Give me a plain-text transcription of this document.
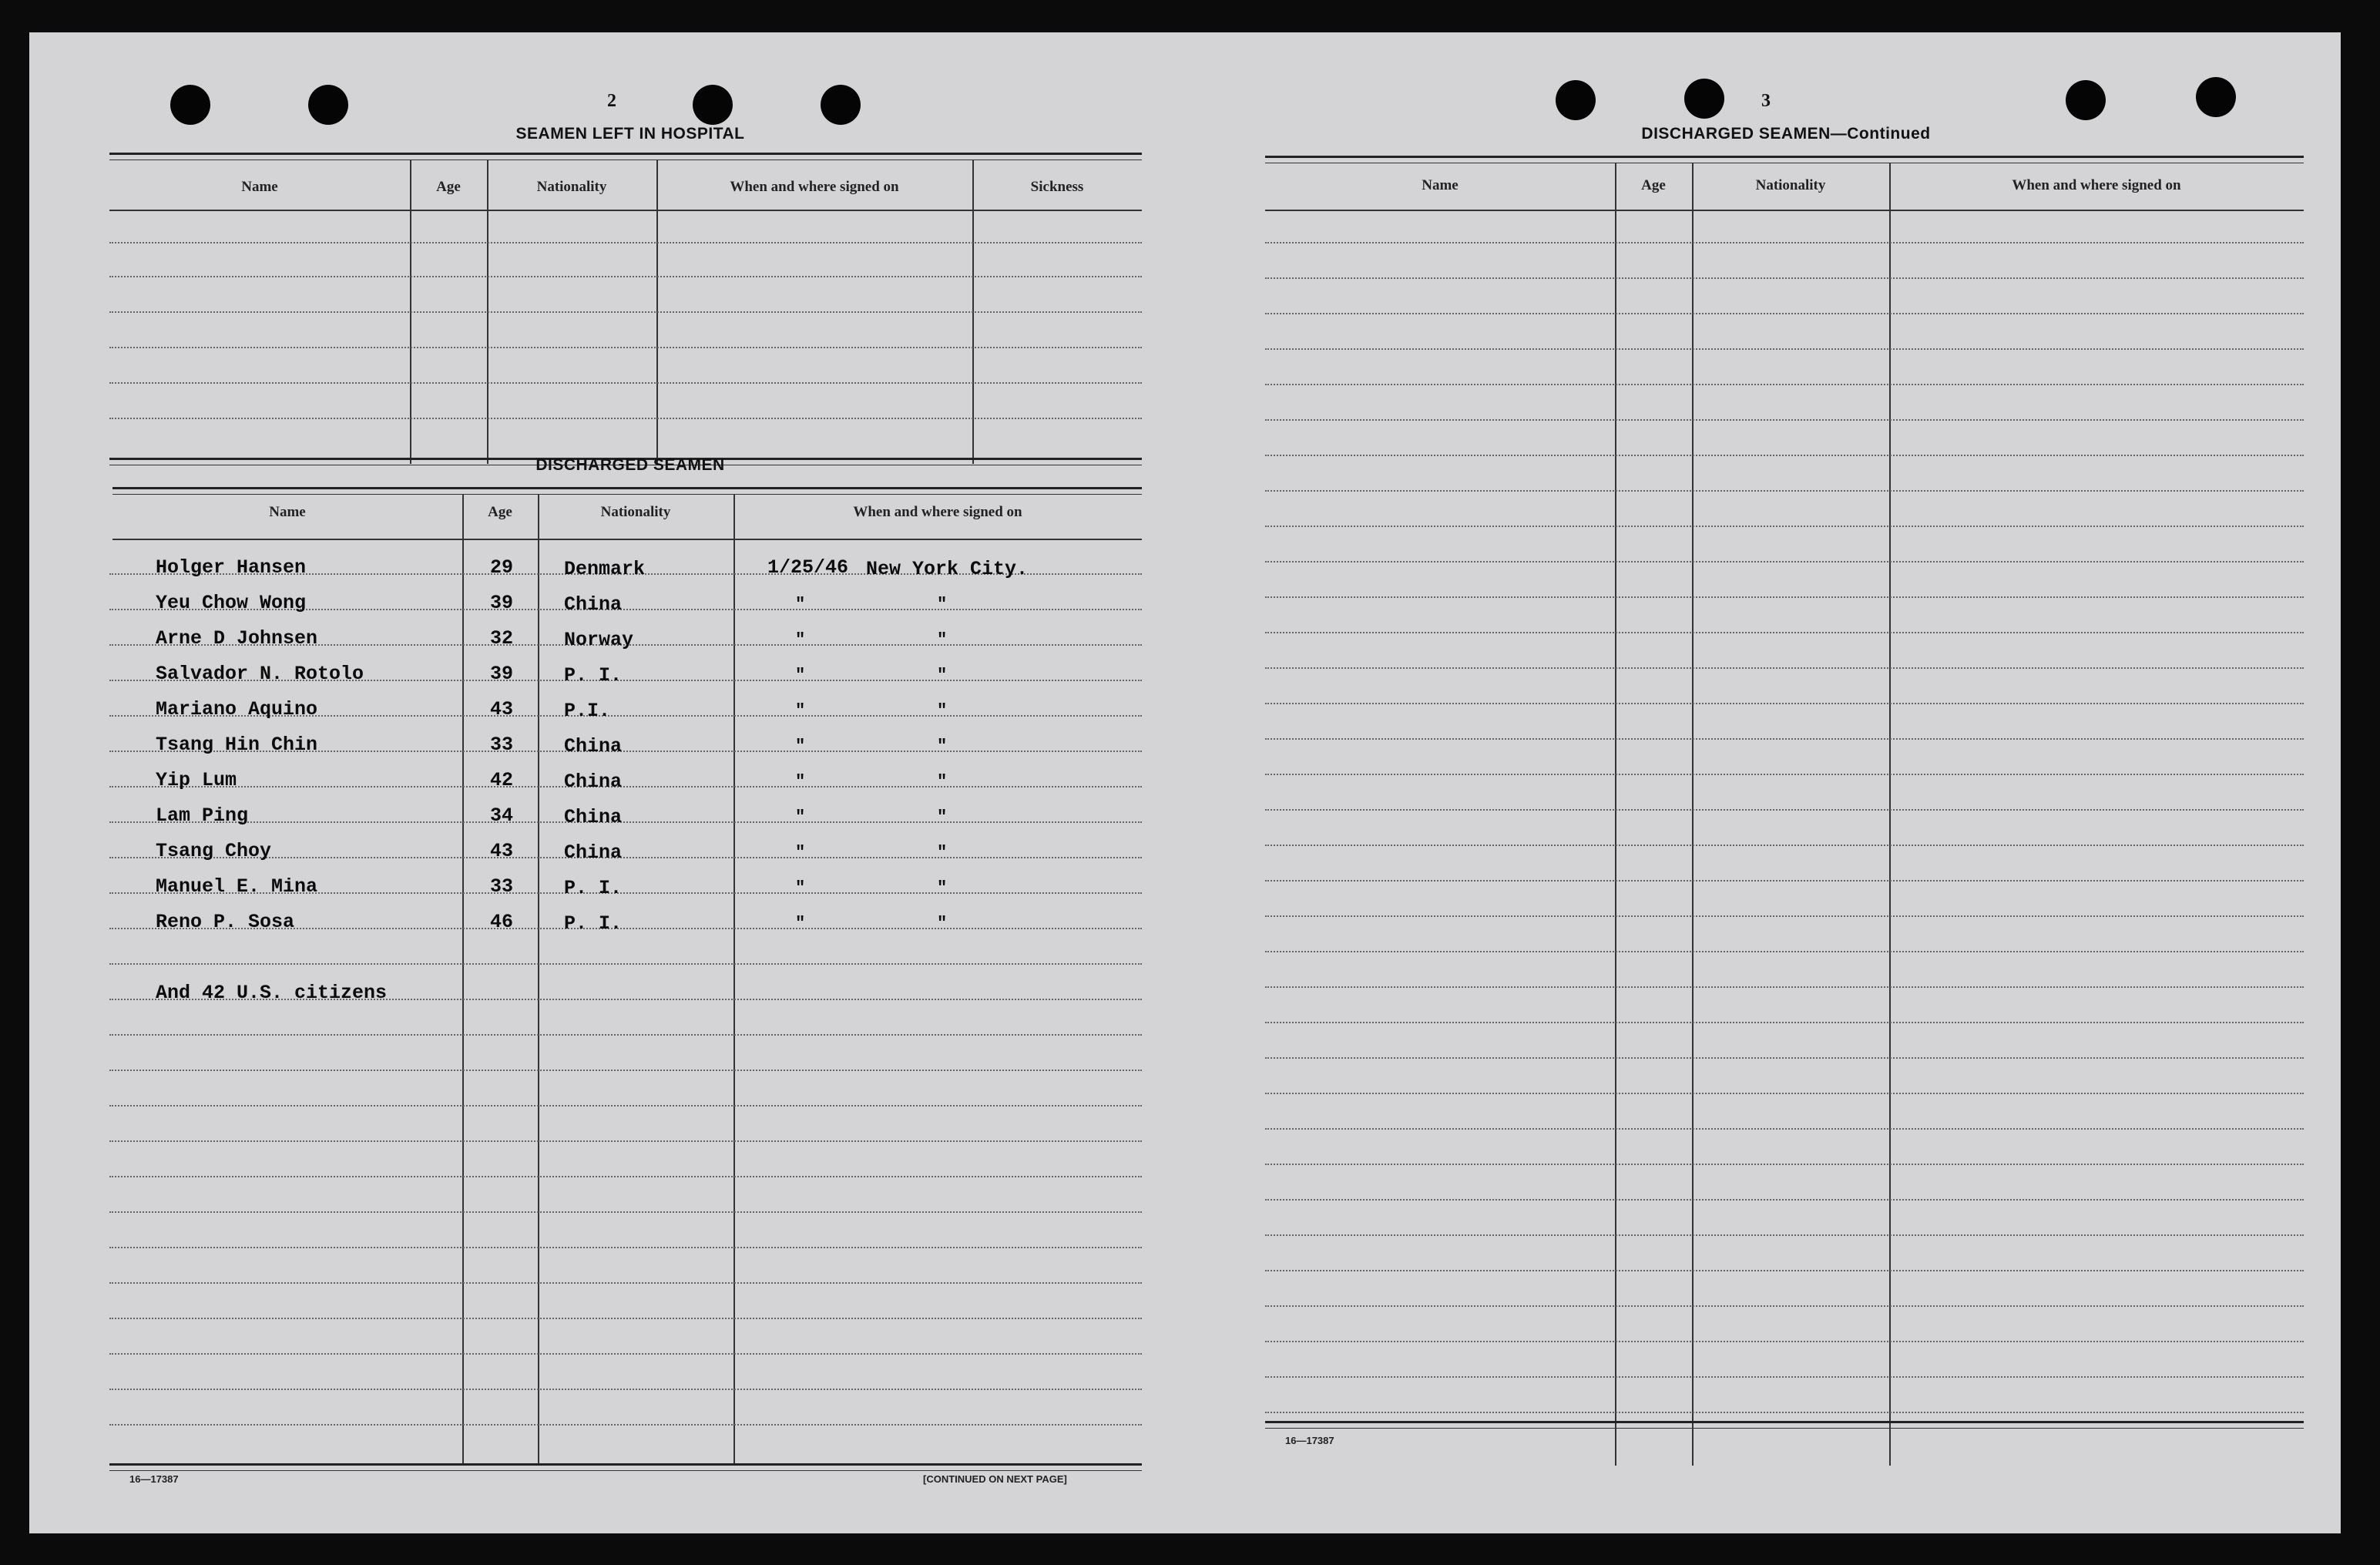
2
SEAMEN LEFT IN HOSPITAL
Name	Age	Nationality	When and where signed on	Sickness
DISCHARGED SEAMEN
Name	Age	Nationality	When and where signed on
Holger Hansen	29	Denmark	1/25/46 New York City.
Yeu Chow Wong	39	China	"	"
Arne D Johnsen	32	Norway	"	"
Salvador N. Rotolo	39	P. I.	"	"
Mariano Aquino	43	P.I.	"	"
Tsang Hin Chin	33	China	"	"
Yip Lum	42	China	"	"
Lam Ping	34	China	"	"
Tsang Choy	43	China	"	"
Manuel E. Mina	33	P. I.	"	"
Reno P. Sosa	46	P. I.	"	"
And 42 U.S. citizens
16—17387	[CONTINUED ON NEXT PAGE]
3
DISCHARGED SEAMEN—Continued
Name	Age	Nationality	When and where signed on
16—17387
